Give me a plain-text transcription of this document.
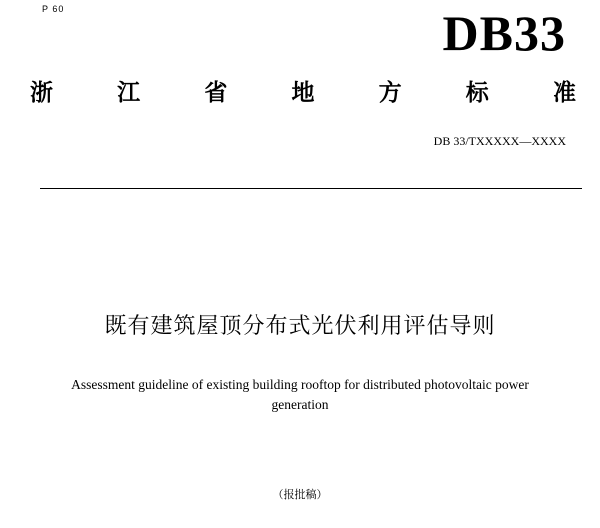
P 60	DB33
浙	江	省	地	方	标	准
DB 33/TXXXXX—XXXX
既有建筑屋顶分布式光伏利用评估导则
Assessment guideline of existing building rooftop for distributed photovoltaic power
generation
（报批稿）
